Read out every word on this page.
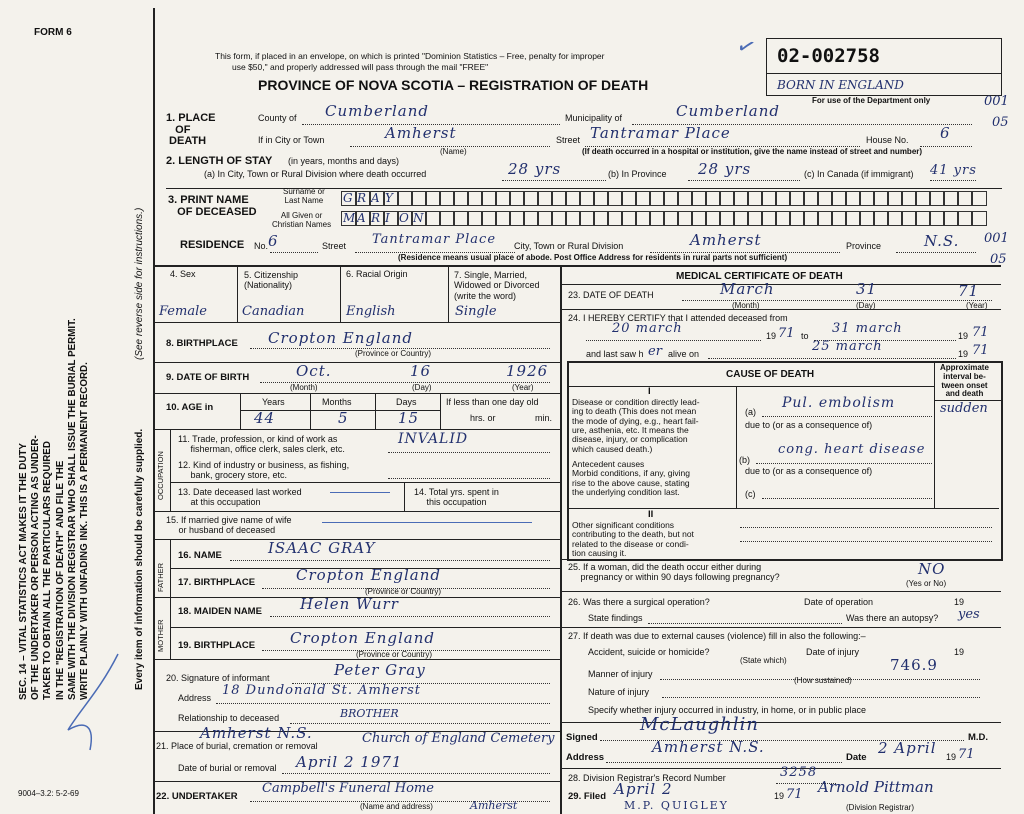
FORM 6
This form, if placed in an envelope, on which is printed "Dominion Statistics – Free, penalty for improper
use $50," and properly addressed will pass through the mail "FREE"
PROVINCE OF NOVA SCOTIA – REGISTRATION OF DEATH
✓ 02-002758
BORN IN ENGLAND
For use of the Department only	001
05
001
05
SEC. 14 – VITAL STATISTICS ACT MAKES IT THE DUTY OF THE UNDERTAKER OR PERSON ACTING AS UNDER- TAKER TO OBTAIN ALL THE PARTICULARS REQUIRED IN THE "REGISTRATION OF DEATH" AND FILE THE SAME WITH THE DIVISION REGISTRAR WHO SHALL ISSUE THE BURIAL PERMIT. WRITE PLAINLY WITH UNFADING INK. THIS IS A PERMANENT RECORD.	Every item of information should be carefully supplied.
(See reverse side for instructions.)
9004–3.2: 5-2-69
1. PLACE
OF
DEATH
County of Cumberland	Municipality of	Cumberland
If in City or Town	Amherst
(Name)
Street Tantramar Place	House No. 6
(If death occurred in a hospital or institution, give the name instead of street and number)
2. LENGTH OF STAY (in years, months and days)
(a) In City, Town or Rural Division where death occurred	28 yrs	(b) In Province 28 yrs	(c) In Canada (if immigrant) 41 yrs
3. PRINT NAME
OF DECEASED
Surname or
Last Name
All Given or
Christian Names
G R A Y
M A R I O N
RESIDENCE No. 6	Street Tantramar Place City, Town or Rural Division	Amherst	Province	N.S.
(Residence means usual place of abode. Post Office Address for residents in rural parts not sufficient)
4. Sex	5. Citizenship
(Nationality)
6. Racial Origin	7. Single, Married,
Widowed or Divorced
(write the word)
Female	Canadian	English	Single
8. BIRTHPLACE Cropton England
(Province or Country)
9. DATE OF BIRTH	Oct.	16	1926
(Month)	(Day)	(Year)
10. AGE in	Years	Months	Days
44	5	15
If less than one day old
hrs. or	min.
OCCUPATION
11. Trade, profession, or kind of work as
fisherman, office clerk, sales clerk, etc.
INVALID
12. Kind of industry or business, as fishing,
bank, grocery store, etc.
13. Date deceased last worked
at this occupation
14. Total yrs. spent in
this occupation
15. If married give name of wife
or husband of deceased
FATHER
16. NAME	ISAAC GRAY
17. BIRTHPLACE	Cropton England
(Province or Country)
MOTHER
18. MAIDEN NAME	Helen Wurr
19. BIRTHPLACE Cropton England
(Province or Country)
20. Signature of informant	Peter Gray
Address 18 Dundonald St. Amherst
Relationship to deceased	BROTHER
21. Place of burial, cremation or removal
Amherst N.S.	Church of England Cemetery
Date of burial or removal April 2 1971
22. UNDERTAKER
Campbell's Funeral Home
(Name and address)	Amherst
MEDICAL CERTIFICATE OF DEATH
23. DATE OF DEATH	March	31	71
(Month)	(Day)	(Year)
24. I HEREBY CERTIFY that I attended deceased from
20 march	19 71 to 31 march	19 71
and last saw h er alive on	25 march	19 71
CAUSE OF DEATH
Approximate
interval be-
tween onset
and death
I
Disease or condition directly lead-
ing to death (This does not mean
the mode of dying, e.g., heart fail-
ure, asthenia, etc. It means the
disease, injury, or complication
which caused death.)
(a)
Pul. embolism	sudden
due to (or as a consequence of)
Antecedent causes
Morbid conditions, if any, giving
rise to the above cause, stating
the underlying condition last.
(b)
cong. heart disease
due to (or as a consequence of)
(c)
II
Other significant conditions
contributing to the death, but not
related to the disease or condi-
tion causing it.
25. If a woman, did the death occur either during
pregnancy or within 90 days following pregnancy?	NO
(Yes or No)
26. Was there a surgical operation?	Date of operation	19
State findings	Was there an autopsy? yes
27. If death was due to external causes (violence) fill in also the following:–
Accident, suicide or homicide?	Date of injury	19
(State which)	746.9
Manner of injury
(How sustained)
Nature of injury
Specify whether injury occurred in industry, in home, or in public place
Signed
McLaughlin
M.D.
Address
Amherst N.S.
Date
2 April 19 71
28. Division Registrar's Record Number	3258
29. Filed April 2	19 71 Arnold Pittman
M.P. QUIGLEY	(Division Registrar)
